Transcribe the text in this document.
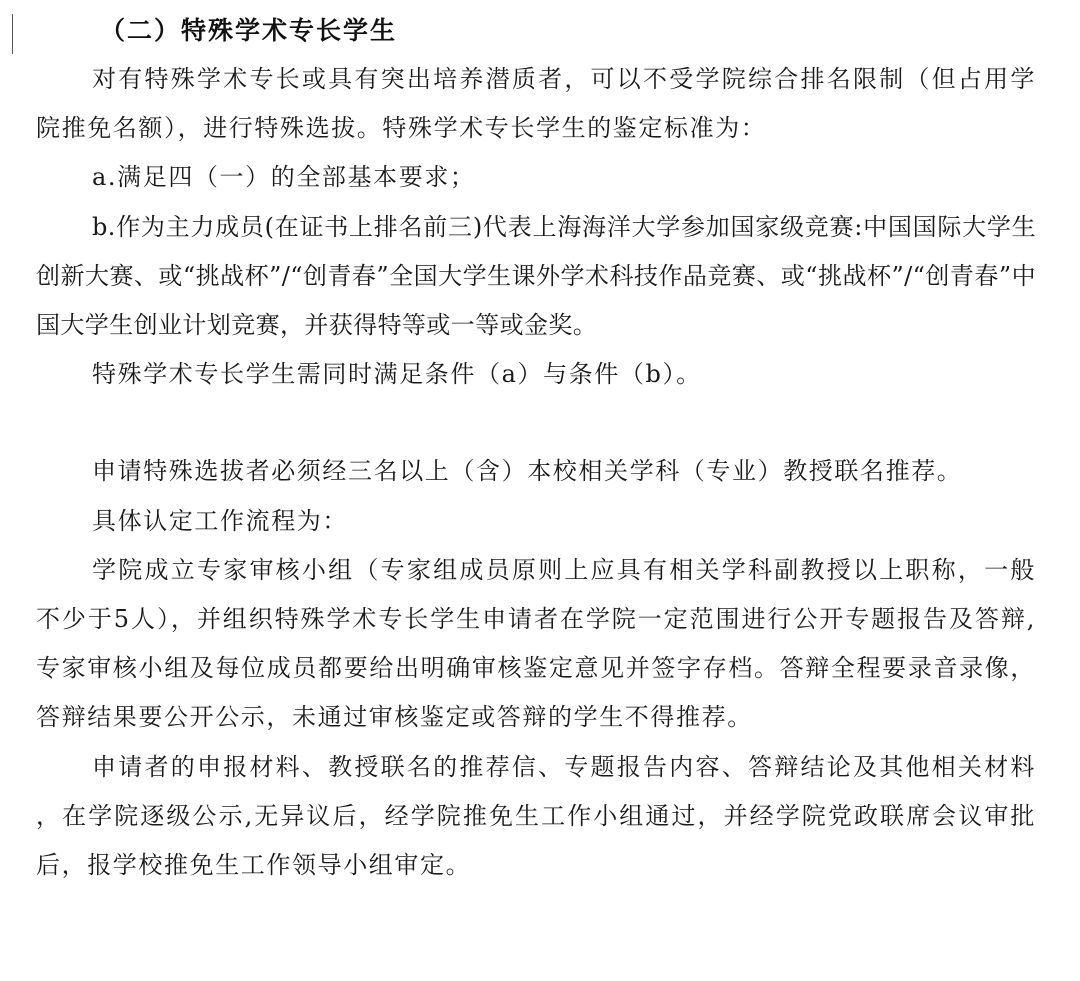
（二）特殊学术专长学生

对有特殊学术专长或具有突出培养潜质者，可以不受学院综合排名限制（但占用学院推免名额），进行特殊选拔。特殊学术专长学生的鉴定标准为：

a.满足四（一）的全部基本要求；

b.作为主力成员(在证书上排名前三)代表上海海洋大学参加国家级竞赛:中国国际大学生创新大赛、或“挑战杯”/“创青春”全国大学生课外学术科技作品竞赛、或“挑战杯”/“创青春”中国大学生创业计划竞赛，并获得特等或一等或金奖。

特殊学术专长学生需同时满足条件（a）与条件（b）。

申请特殊选拔者必须经三名以上（含）本校相关学科（专业）教授联名推荐。

具体认定工作流程为：

学院成立专家审核小组（专家组成员原则上应具有相关学科副教授以上职称，一般不少于5人），并组织特殊学术专长学生申请者在学院一定范围进行公开专题报告及答辩,专家审核小组及每位成员都要给出明确审核鉴定意见并签字存档。答辩全程要录音录像，答辩结果要公开公示，未通过审核鉴定或答辩的学生不得推荐。

申请者的申报材料、教授联名的推荐信、专题报告内容、答辩结论及其他相关材料，在学院逐级公示,无异议后，经学院推免生工作小组通过，并经学院党政联席会议审批后，报学校推免生工作领导小组审定。
